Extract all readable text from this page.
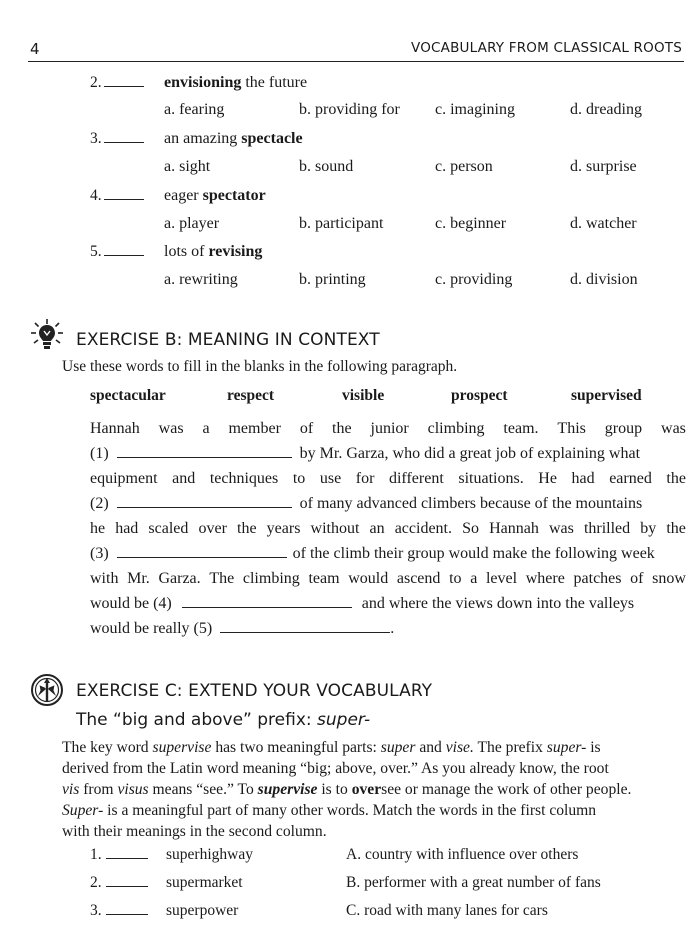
4	VOCABULARY FROM CLASSICAL ROOTS
2.	envisioning the future
a. fearing	b. providing for c. imagining	d. dreading
3.	an amazing spectacle
a. sight	b. sound	c. person	d. surprise
4.	eager spectator
a. player	b. participant	c. beginner	d. watcher
5.	lots of revising
a. rewriting	b. printing	c. providing	d. division
EXERCISE B: MEANING IN CONTEXT
Use these words to fill in the blanks in the following paragraph.
spectacular	respect	visible	prospect	supervised
Hannah was a member of the junior climbing team. This group was
(1)	by Mr. Garza, who did a great job of explaining what
equipment and techniques to use for different situations. He had earned the
(2)	of many advanced climbers because of the mountains
he had scaled over the years without an accident. So Hannah was thrilled by the
(3)	of the climb their group would make the following week
with Mr. Garza. The climbing team would ascend to a level where patches of snow
would be (4)	and where the views down into the valleys
would be really (5)	.
EXERCISE C: EXTEND YOUR VOCABULARY
The “big and above” prefix: super-
The key word supervise has two meaningful parts: super and vise. The prefix super- is
derived from the Latin word meaning “big; above, over.” As you already know, the root
vis from visus means “see.” To supervise is to oversee or manage the work of other people.
Super- is a meaningful part of many other words. Match the words in the first column
with their meanings in the second column.
1.	superhighway	A. country with influence over others
2.	supermarket	B. performer with a great number of fans
3.	superpower	C. road with many lanes for cars
